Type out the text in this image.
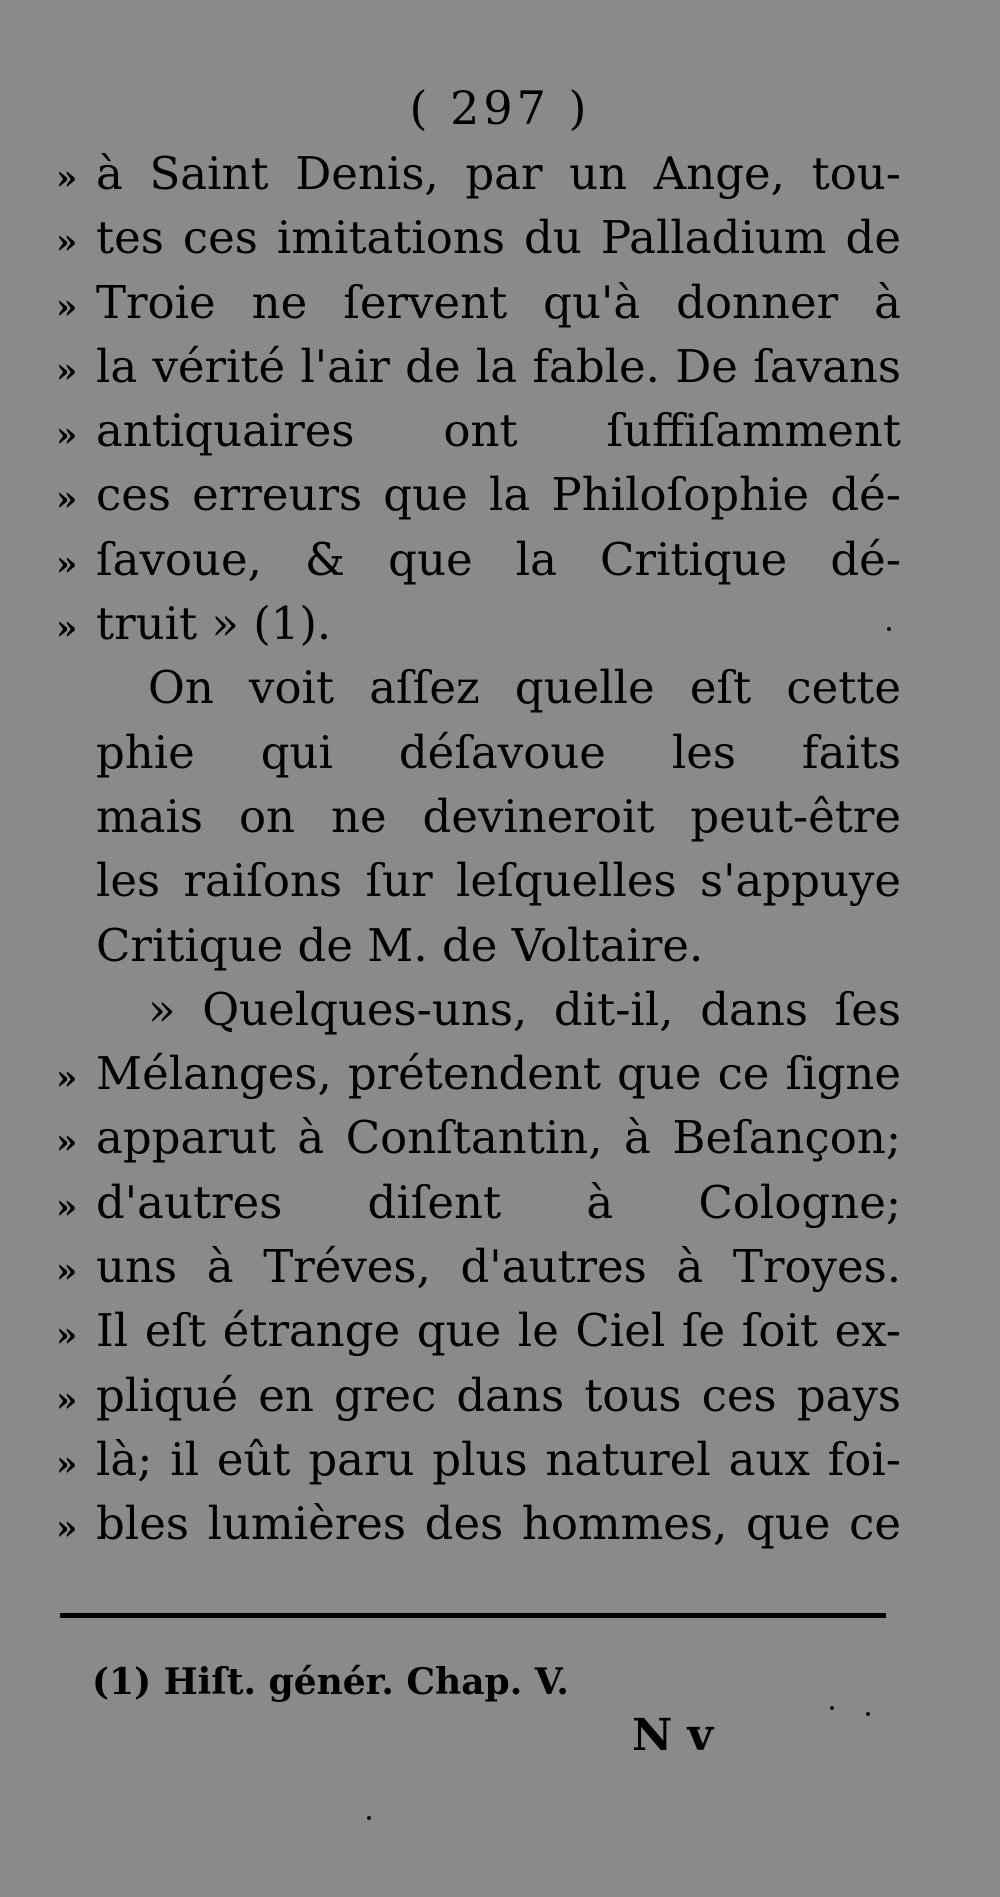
( 297 )
» à Saint Denis, par un Ange, tou-
» tes ces imitations du Palladium de
» Troie ne ſervent qu'à donner à
» la vérité l'air de la fable. De ſavans
» antiquaires ont ſuffiſamment
» ces erreurs que la Philoſophie dé-
» ſavoue, & que la Critique dé-
» truit » (1).
On voit aſſez quelle eſt cette
phie qui déſavoue les faits
mais on ne devineroit peut-être
les raiſons ſur leſquelles s'appuye
Critique de M. de Voltaire.
» Quelques-uns, dit-il, dans ſes
» Mélanges, prétendent que ce ſigne
» apparut à Conſtantin, à Beſançon;
» d'autres diſent à Cologne;
» uns à Tréves, d'autres à Troyes.
» Il eſt étrange que le Ciel ſe ſoit ex-
» pliqué en grec dans tous ces pays
» là; il eût paru plus naturel aux foi-
» bles lumières des hommes, que ce
(1) Hiſt. génér. Chap. V.
N v
